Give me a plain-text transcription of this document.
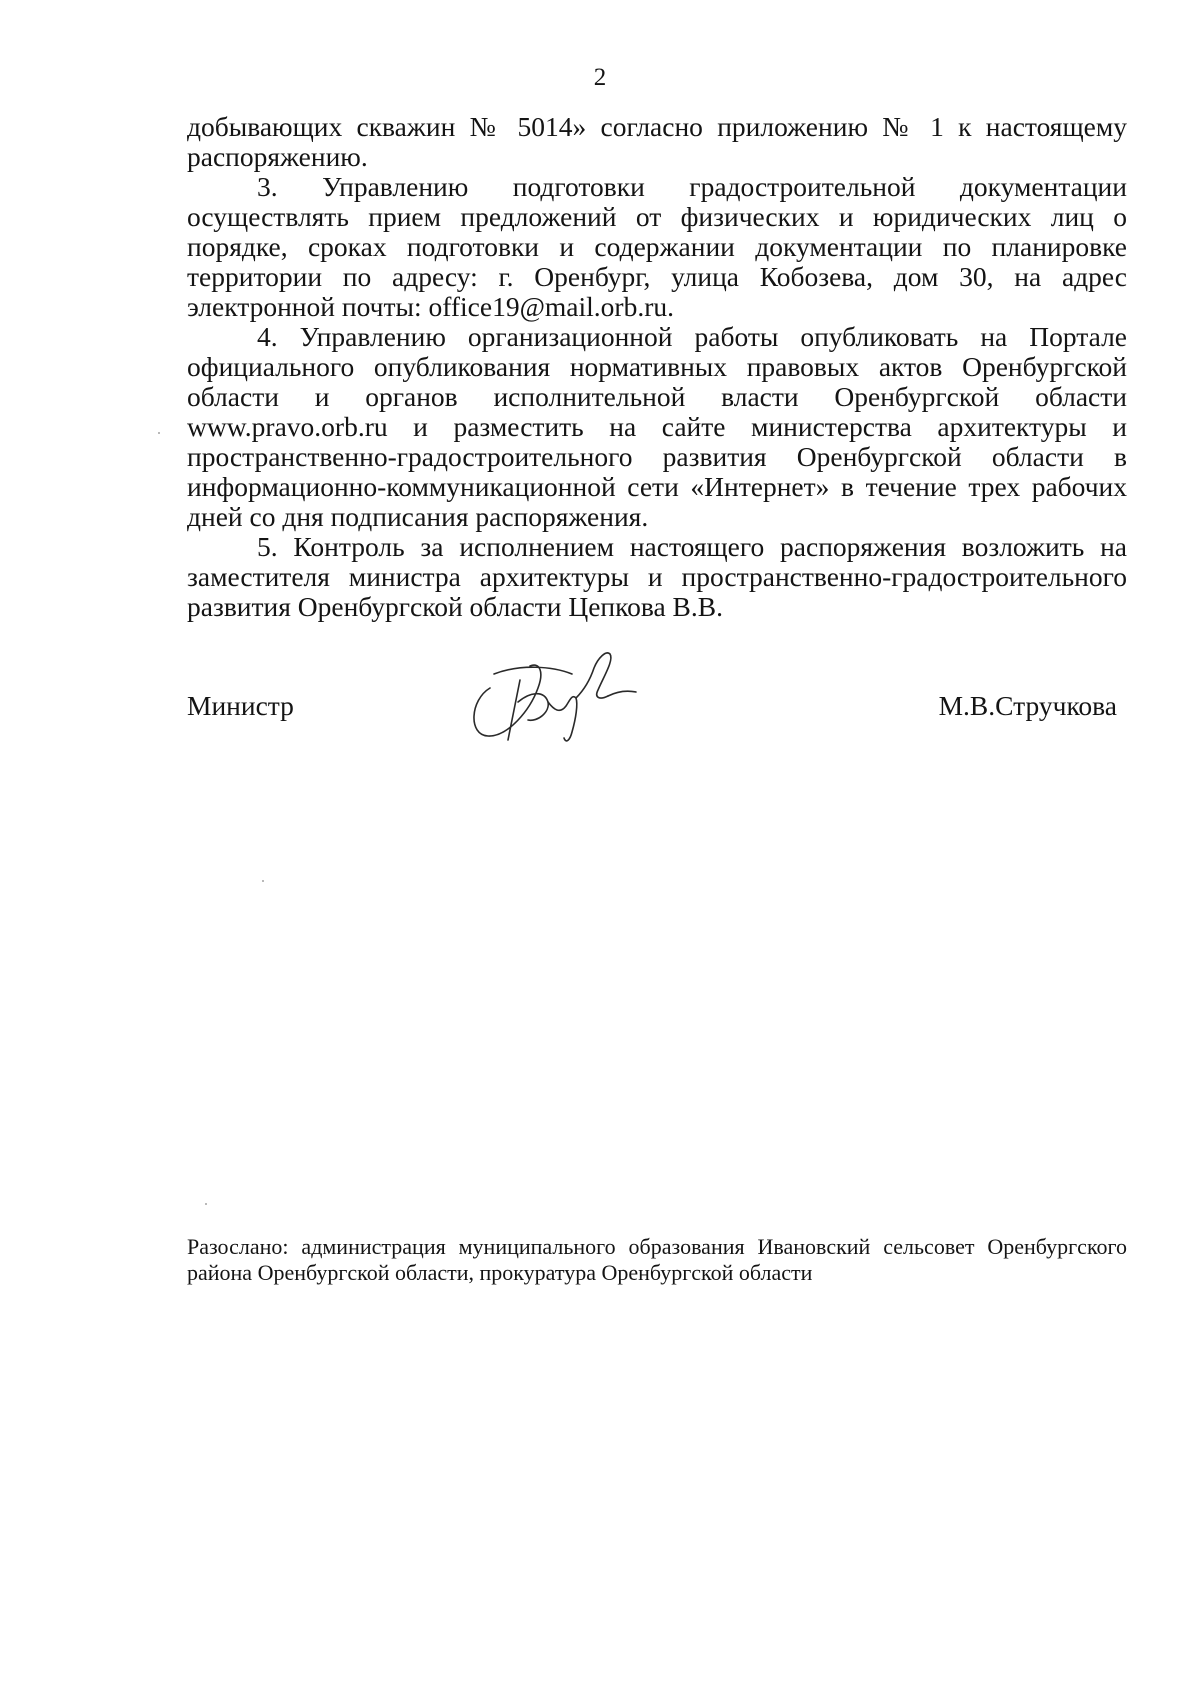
2

добывающих скважин № 5014» согласно приложению № 1 к настоящему распоряжению.

3. Управлению подготовки градостроительной документации осуществлять прием предложений от физических и юридических лиц о порядке, сроках подготовки и содержании документации по планировке территории по адресу: г. Оренбург, улица Кобозева, дом 30, на адрес электронной почты: office19@mail.orb.ru.

4. Управлению организационной работы опубликовать на Портале официального опубликования нормативных правовых актов Оренбургской области и органов исполнительной власти Оренбургской области www.pravo.orb.ru и разместить на сайте министерства архитектуры и пространственно-градостроительного развития Оренбургской области в информационно-коммуникационной сети «Интернет» в течение трех рабочих дней со дня подписания распоряжения.

5. Контроль за исполнением настоящего распоряжения возложить на заместителя министра архитектуры и пространственно-градостроительного развития Оренбургской области Цепкова В.В.

Министр	М.В.Стручкова
Разослано: администрация муниципального образования Ивановский сельсовет Оренбургского района Оренбургской области, прокуратура Оренбургской области
